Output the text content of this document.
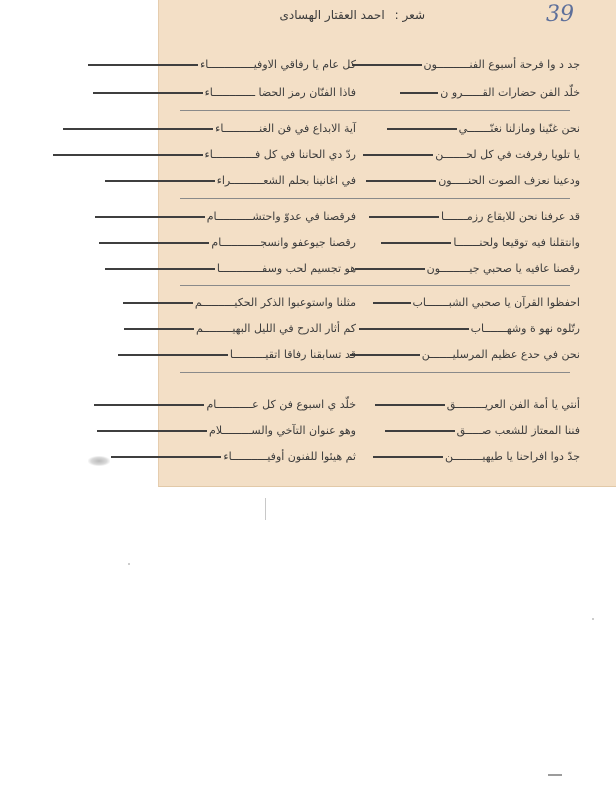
39
شعر :
احمد العقتار الهسادى
جد د وا فرحة أسبوع الفنــــــــــون
كل عام يا رفاقي الاوفيــــــــــــــاء
خلّد الفن حضارات القــــــرو ن
فاذا الفنّان رمز الحضا ـــــــــــــاء
نحن غنّينا ومازلنا نغنّـــــــي
آية الابداع في فن الغنـــــــــــاء
يا تلويا رفرفت في كل لحـــــــن
ردّ دي الحاننا في كل فـــــــــــــاء
ودعينا نعزف الصوت الحنـــــون
في اغانينا بحلم الشعــــــــــراء
قد عرفنا نحن للايقاع رزمـــــــا
فرقصنا في عدوّ واحتشـــــــــــام
وانتقلنا فيه توقيعا ولحنـــــــا
رقصنا جيوعفو وانسجــــــــــــام
رقصنا عافيه يا صحبي جيـــــــــون
هو تجسيم لحب وسفـــــــــــــا
احفظوا القرآن يا صحبي الشبـــــــاب
مثلنا واستوعبوا الذكر الحكيــــــــــم
رتّلوه نهو ة وشهـــــــاب
كم أثار الدرح في الليل البهيـــــــــم
نحن في حدع عظيم المرسليـــــــن
قد تسابقنا رفاقا اتقيــــــــــا
أنتي يا أمة الفن العريـــــــــق
خلّد ي اسبوع فن كل عـــــــــــام
فننا المعتاز للشعب صـــــق
وهو عنوان التآخي والســـــــــلام
جدّ دوا افراحنا يا طيهيـــــــــن
ثم هيئوا للفنون أوفيـــــــــــاء
